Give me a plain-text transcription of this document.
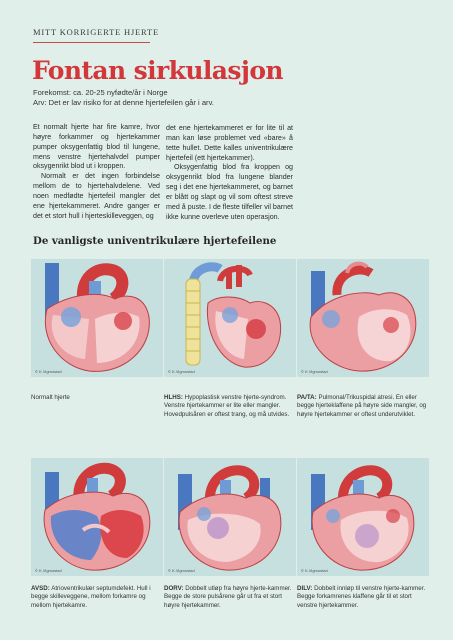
MITT KORRIGERTE HJERTE
Fontan sirkulasjon
Forekomst: ca. 20-25 nyfødte/år i Norge
Arv: Det er lav risiko for at denne hjertefeilen går i arv.

Et normalt hjerte har fire kamre, hvor høyre forkammer og hjertekammer pumper oksygenfattig blod til lungene, mens venstre hjertehalvdel pumper oksygenrikt blod ut i kroppen.

Normalt er det ingen forbindelse mellom de to hjertehalvdelene. Ved noen medfødte hjertefeil mangler det ene hjertekammeret. Andre ganger er det et stort hull i hjerteskilleveggen, og

det ene hjertekammeret er for lite til at man kan løse problemet ved «bare» å tette hullet. Dette kalles univentrikulære hjertefeil (ett hjertekammer).

Oksygenfattig blod fra kroppen og oksygenrikt blod fra lungene blander seg i det ene hjertekammeret, og barnet er blått og slapt og vil som oftest streve med å puste. I de fleste tilfeller vil barnet ikke kunne overleve uten operasjon.

De vanligste univentrikulære hjertefeilene
© K.Vigmostad
Normalt hjerte
© K.Vigmostad
HLHS: Hypoplastisk venstre hjerte-syndrom. Venstre hjertekammer er lite eller mangler. Hovedpulsåren er oftest trang, og må utvides.
© K.Vigmostad
PA/TA: Pulmonal/Trikuspidal atresi. En eller begge hjerteklaffene på høyre side mangler, og høyre hjertekammer er oftest underutviklet.
© K.Vigmostad
AVSD: Atrioventrikulær septumdefekt. Hull i begge skilleveggene, mellom forkamre og mellom hjertekamre.
© K.Vigmostad
DORV: Dobbelt utløp fra høyre hjerte-kammer. Begge de store pulsårene går ut fra et stort høyre hjertekammer.
© K.Vigmostad
DILV: Dobbelt innløp til venstre hjerte-kammer. Begge forkamrenes klaffene går til et stort venstre hjertekammer.
